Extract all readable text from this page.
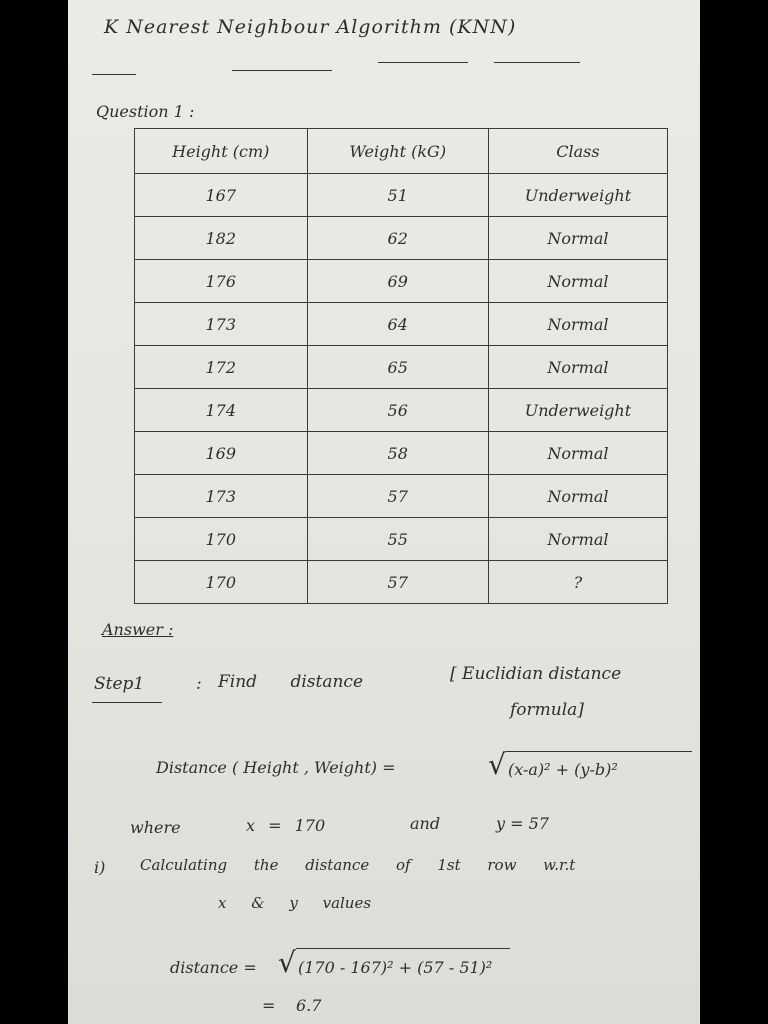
K Nearest Neighbour Algorithm (KNN)
Question 1 :
Height (cm)	Weight (kG)	Class
167	51	Underweight
182	62	Normal
176	69	Normal
173	64	Normal
172	65	Normal
174	56	Underweight
169	58	Normal
173	57	Normal
170	55	Normal
170	57	?
Answer :
Step1	: Find distance	[ Euclidian distance
formula]
Distance ( Height , Weight) =	√ (x-a)² + (y-b)²
where	x = 170	and	y = 57
i) Calculating the distance of 1st row w.r.t
x & y values
distance = √ (170 - 167)² + (57 - 51)²
= 6.7
